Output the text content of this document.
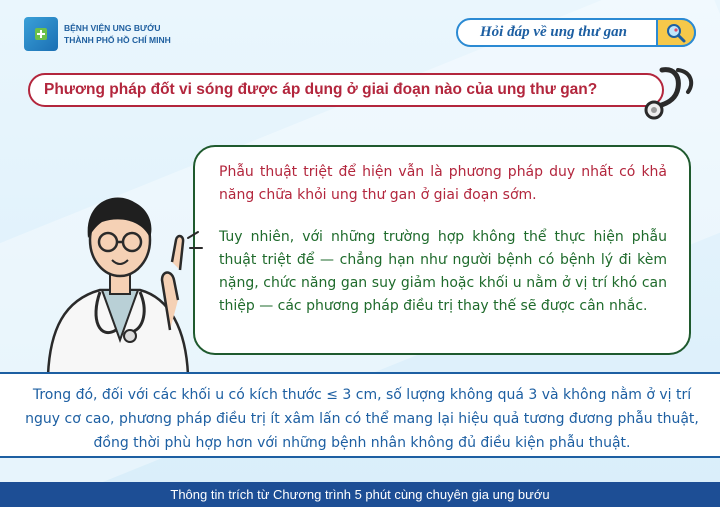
BỆNH VIỆN UNG BƯỚU
THÀNH PHỐ HỒ CHÍ MINH	Hỏi đáp về ung thư gan
Phương pháp đốt vi sóng được áp dụng ở giai đoạn nào của ung thư gan?

Phẫu thuật triệt để hiện vẫn là phương pháp duy nhất có khả năng chữa khỏi ung thư gan ở giai đoạn sớm.

Tuy nhiên, với những trường hợp không thể thực hiện phẫu thuật triệt để — chẳng hạn như người bệnh có bệnh lý đi kèm nặng, chức năng gan suy giảm hoặc khối u nằm ở vị trí khó can thiệp — các phương pháp điều trị thay thế sẽ được cân nhắc.

Trong đó, đối với các khối u có kích thước ≤ 3 cm, số lượng không quá 3 và không nằm ở vị trí nguy cơ cao, phương pháp điều trị ít xâm lấn có thể mang lại hiệu quả tương đương phẫu thuật, đồng thời phù hợp hơn với những bệnh nhân không đủ điều kiện phẫu thuật.
Thông tin trích từ Chương trình 5 phút cùng chuyên gia ung bướu
